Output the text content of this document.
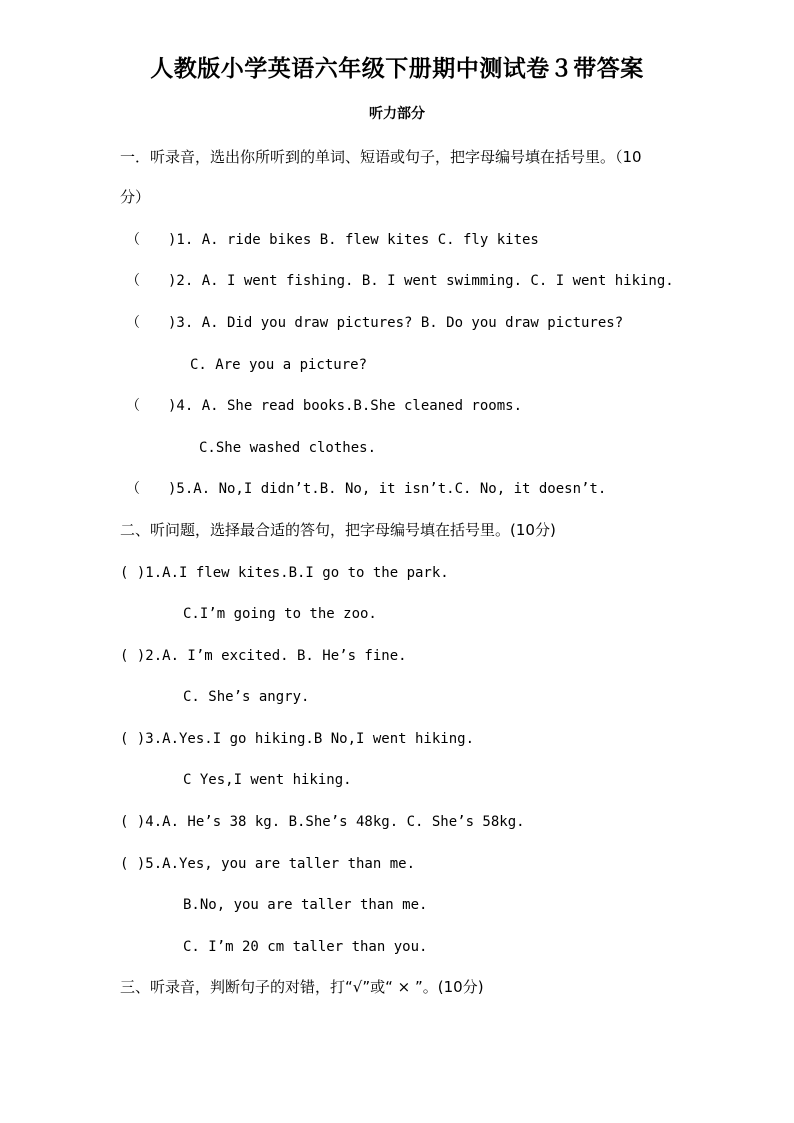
人教版小学英语六年级下册期中测试卷３带答案
听力部分
一．听录音，选出你所听到的单词、短语或句子，把字母编号填在括号里。（10
分）
（　　)1. A. ride bikes B. flew kites C. fly kites
（　　)2. A. I went fishing. B. I went swimming. C. I went hiking.
（　　)3. A. Did you draw pictures? B. Do you draw pictures?
C. Are you a picture?
（　　)4. A. She read books.B.She cleaned rooms.
C.She washed clothes.
（　　)5.A. No,I didn’t.B. No, it isn’t.C. No, it doesn’t.
二、听问题，选择最合适的答句，把字母编号填在括号里。(10分)
( )1.A.I flew kites.B.I go to the park.
C.I’m going to the zoo.
( )2.A. I’m excited. B. He’s fine.
C. She’s angry.
( )3.A.Yes.I go hiking.B No,I went hiking.
C Yes,I went hiking.
( )4.A. He’s 38 kg. B.She’s 48kg. C. She’s 58kg.
( )5.A.Yes, you are taller than me.
B.No, you are taller than me.
C. I’m 20 cm taller than you.
三、听录音，判断句子的对错，打“√”或“ × ”。(10分)
